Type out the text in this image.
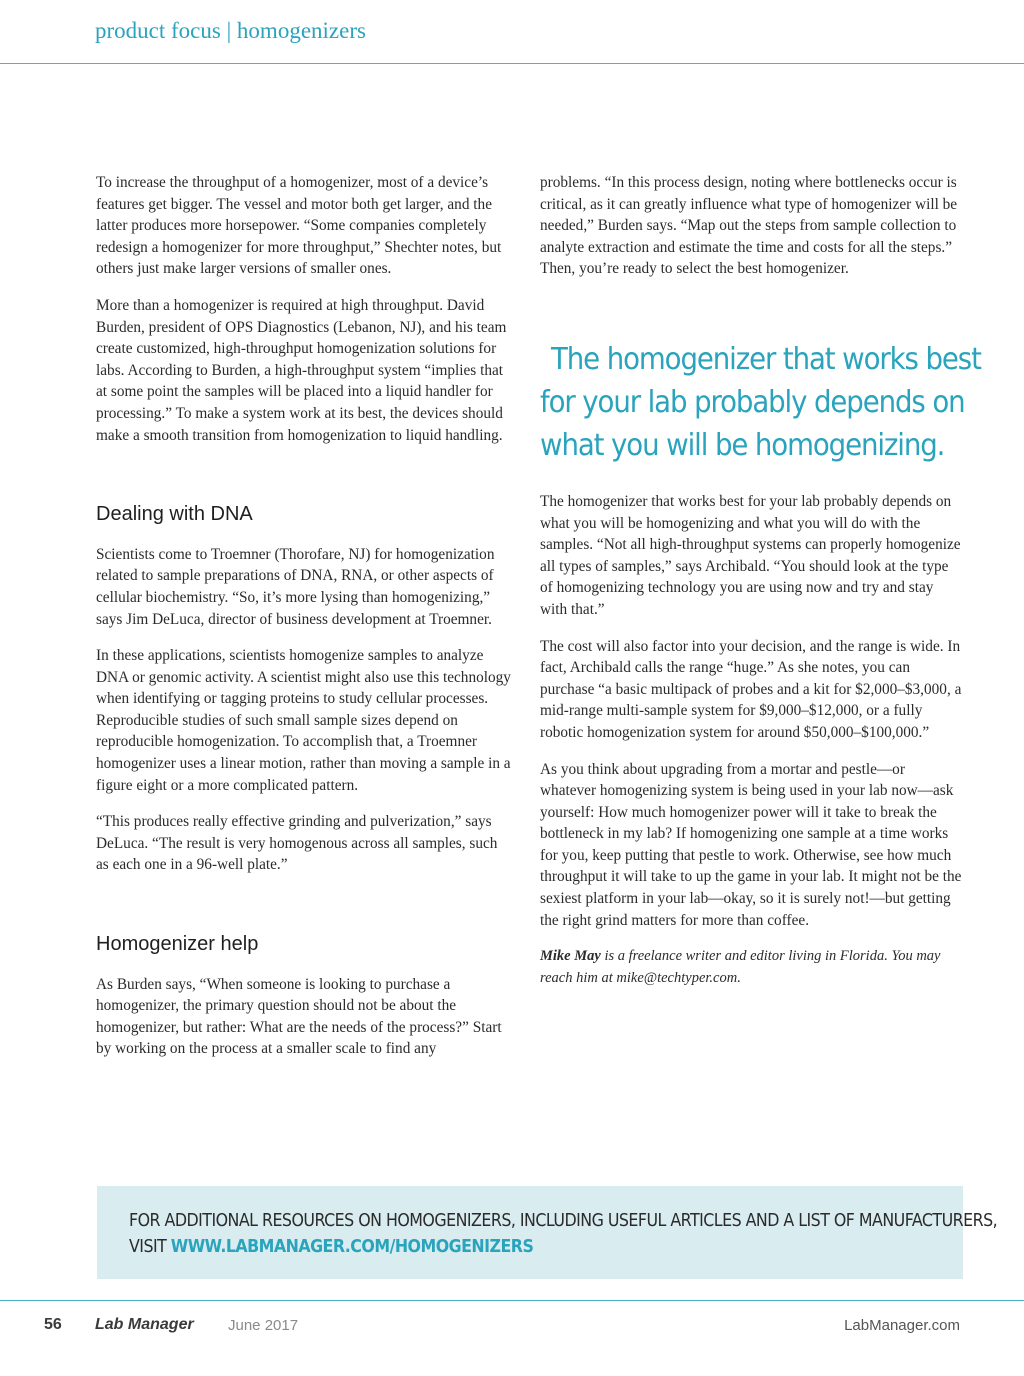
product focus | homogenizers

To increase the throughput of a homogenizer, most of a device’s features get bigger. The vessel and motor both get larger, and the latter produces more horsepower. “Some companies completely redesign a homogenizer for more throughput,” Shechter notes, but others just make larger versions of smaller ones.

More than a homogenizer is required at high throughput. David Burden, president of OPS Diagnostics (Lebanon, NJ), and his team create customized, high-throughput homogenization solutions for labs. According to Burden, a high-throughput system “implies that at some point the samples will be placed into a liquid handler for processing.” To make a system work at its best, the devices should make a smooth transition from homogenization to liquid handling.

Dealing with DNA

Scientists come to Troemner (Thorofare, NJ) for homogenization related to sample preparations of DNA, RNA, or other aspects of cellular biochemistry. “So, it’s more lysing than homogenizing,” says Jim DeLuca, director of business development at Troemner.

In these applications, scientists homogenize samples to analyze DNA or genomic activity. A scientist might also use this technology when identifying or tagging proteins to study cellular processes. Reproducible studies of such small sample sizes depend on reproducible homogenization. To accomplish that, a Troemner homogenizer uses a linear motion, rather than moving a sample in a figure eight or a more complicated pattern.

“This produces really effective grinding and pulverization,” says DeLuca. “The result is very homogenous across all samples, such as each one in a 96-well plate.”

Homogenizer help

As Burden says, “When someone is looking to purchase a homogenizer, the primary question should not be about the homogenizer, but rather: What are the needs of the process?” Start by working on the process at a smaller scale to find any

problems. “In this process design, noting where bottlenecks occur is critical, as it can greatly influence what type of homogenizer will be needed,” Burden says. “Map out the steps from sample collection to analyte extraction and estimate the time and costs for all the steps.” Then, you’re ready to select the best homogenizer.

The homogenizer that works best for your lab probably depends on what you will be homogenizing and what you will do with the samples. “Not all high-throughput systems can properly homogenize all types of samples,” says Archibald. “You should look at the type of homogenizing technology you are using now and try and stay with that.”

The cost will also factor into your decision, and the range is wide. In fact, Archibald calls the range “huge.” As she notes, you can purchase “a basic multipack of probes and a kit for $2,000–$3,000, a mid-range multi-sample system for $9,000–$12,000, or a fully robotic homogenization system for around $50,000–$100,000.”

As you think about upgrading from a mortar and pestle—or whatever homogenizing system is being used in your lab now—ask yourself: How much homogenizer power will it take to break the bottleneck in my lab? If homogenizing one sample at a time works for you, keep putting that pestle to work. Otherwise, see how much throughput it will take to up the game in your lab. It might not be the sexiest platform in your lab—okay, so it is surely not!—but getting the right grind matters for more than coffee.

Mike May is a freelance writer and editor living in Florida. You may reach him at mike@techtyper.com.

The homogenizer that works best
for your lab probably depends on
what you will be homogenizing.
FOR ADDITIONAL RESOURCES ON HOMOGENIZERS, INCLUDING USEFUL ARTICLES AND A LIST OF MANUFACTURERS,
VISIT WWW.LABMANAGER.COM/HOMOGENIZERS
56 Lab Manager June 2017	LabManager.com
